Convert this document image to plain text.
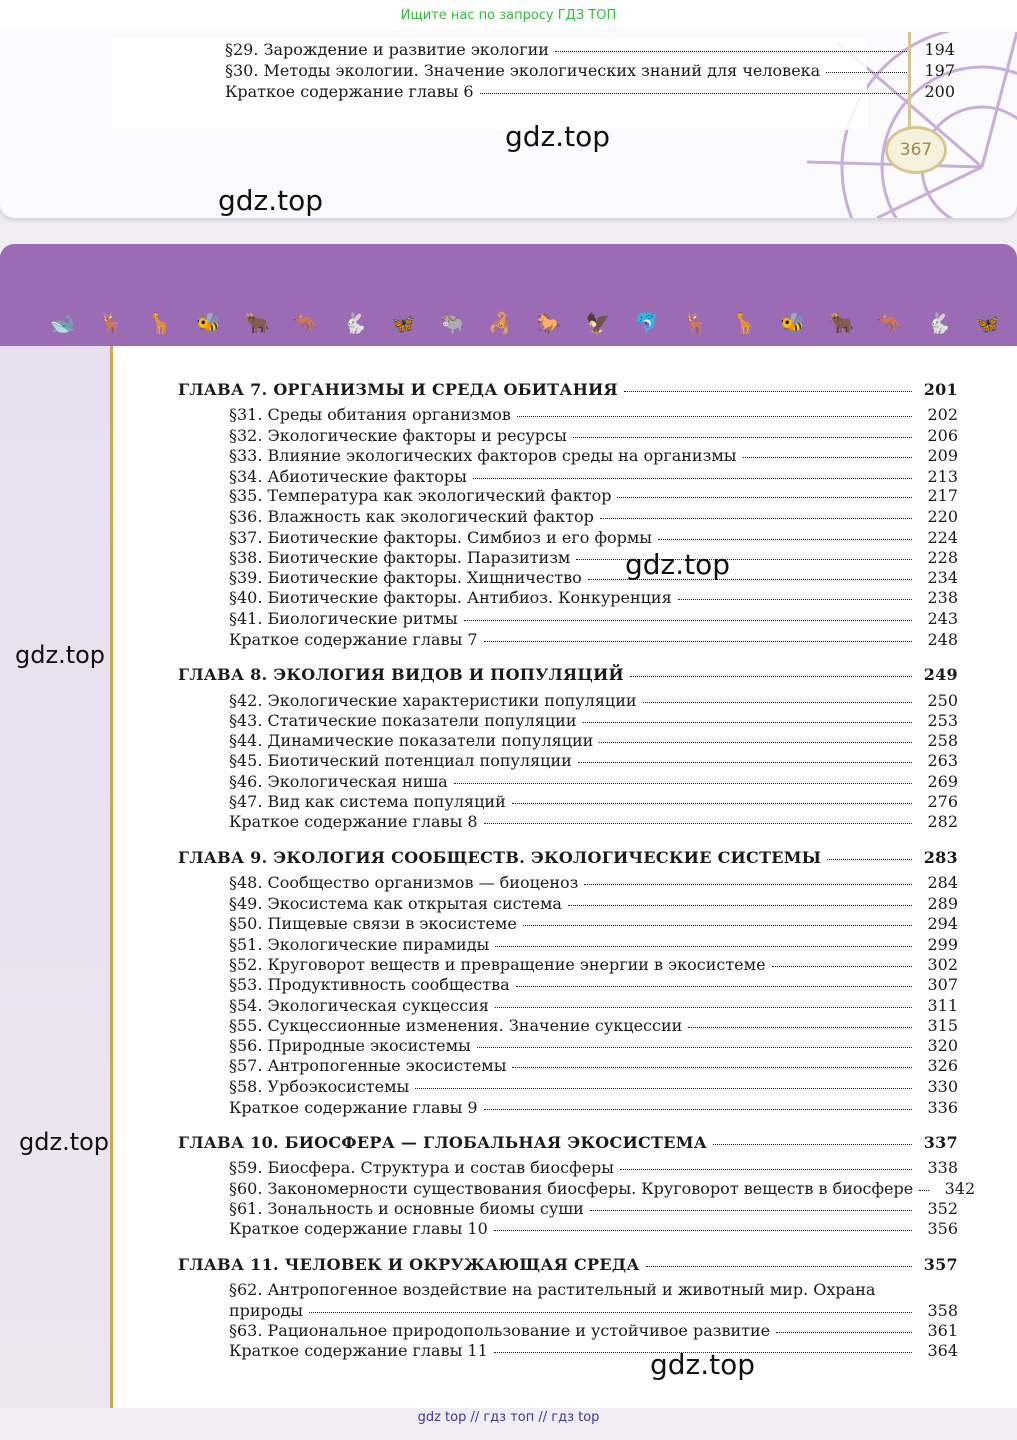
Ищите нас по запросу ГДЗ ТОП
§29. Зарождение и развитие экологии	194
§30. Методы экологии. Значение экологических знаний для человека	197
Краткое содержание главы 6	200
367
🐋 🦌 🦒 🐝 🐂 🦘 🐇 🦋 🐃 🦂 🐎 🦅 🐬 🦌 🦒 🐝 🐂 🦘 🐇 🦋
ГЛАВА 7. ОРГАНИЗМЫ И СРЕДА ОБИТАНИЯ	201
§31. Среды обитания организмов	202
§32. Экологические факторы и ресурсы	206
§33. Влияние экологических факторов среды на организмы	209
§34. Абиотические факторы	213
§35. Температура как экологический фактор	217
§36. Влажность как экологический фактор	220
§37. Биотические факторы. Симбиоз и его формы	224
§38. Биотические факторы. Паразитизм	228
§39. Биотические факторы. Хищничество	234
§40. Биотические факторы. Антибиоз. Конкуренция	238
§41. Биологические ритмы	243
Краткое содержание главы 7	248
ГЛАВА 8. ЭКОЛОГИЯ ВИДОВ И ПОПУЛЯЦИЙ	249
§42. Экологические характеристики популяции	250
§43. Статические показатели популяции	253
§44. Динамические показатели популяции	258
§45. Биотический потенциал популяции	263
§46. Экологическая ниша	269
§47. Вид как система популяций	276
Краткое содержание главы 8	282
ГЛАВА 9. ЭКОЛОГИЯ СООБЩЕСТВ. ЭКОЛОГИЧЕСКИЕ СИСТЕМЫ	283
§48. Сообщество организмов — биоценоз	284
§49. Экосистема как открытая система	289
§50. Пищевые связи в экосистеме	294
§51. Экологические пирамиды	299
§52. Круговорот веществ и превращение энергии в экосистеме	302
§53. Продуктивность сообщества	307
§54. Экологическая сукцессия	311
§55. Сукцессионные изменения. Значение сукцессии	315
§56. Природные экосистемы	320
§57. Антропогенные экосистемы	326
§58. Урбоэкосистемы	330
Краткое содержание главы 9	336
ГЛАВА 10. БИОСФЕРА — ГЛОБАЛЬНАЯ ЭКОСИСТЕМА	337
§59. Биосфера. Структура и состав биосферы	338
§60. Закономерности существования биосферы. Круговорот веществ в биосфере	342
§61. Зональность и основные биомы суши	352
Краткое содержание главы 10	356
ГЛАВА 11. ЧЕЛОВЕК И ОКРУЖАЮЩАЯ СРЕДА	357
§62. Антропогенное воздействие на растительный и животный мир. Охрана
природы	358
§63. Рациональное природопользование и устойчивое развитие	361
Краткое содержание главы 11	364
gdz.top
gdz.top
gdz.top
gdz.top
gdz.top
gdz.top
gdz top // гдз топ // гдз top
